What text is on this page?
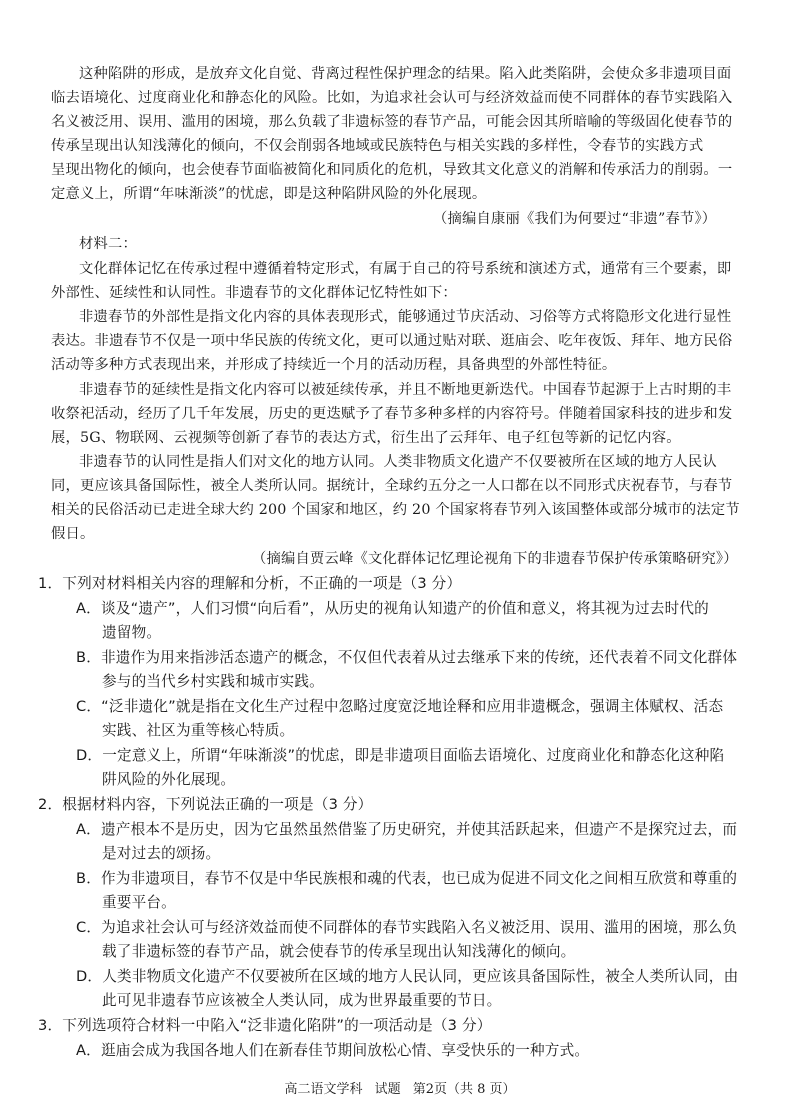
这种陷阱的形成，是放弃文化自觉、背离过程性保护理念的结果。陷入此类陷阱，会使众多非遗项目面
临去语境化、过度商业化和静态化的风险。比如，为追求社会认可与经济效益而使不同群体的春节实践陷入
名义被泛用、误用、滥用的困境，那么负载了非遗标签的春节产品，可能会因其所暗喻的等级固化使春节的
传承呈现出认知浅薄化的倾向，不仅会削弱各地域或民族特色与相关实践的多样性，令春节的实践方式
呈现出物化的倾向，也会使春节面临被简化和同质化的危机，导致其文化意义的消解和传承活力的削弱。一
定意义上，所谓“年味渐淡”的忧虑，即是这种陷阱风险的外化展现。
（摘编自康丽《我们为何要过“非遗”春节》）
材料二：
文化群体记忆在传承过程中遵循着特定形式，有属于自己的符号系统和演述方式，通常有三个要素，即
外部性、延续性和认同性。非遗春节的文化群体记忆特性如下：
非遗春节的外部性是指文化内容的具体表现形式，能够通过节庆活动、习俗等方式将隐形文化进行显性
表达。非遗春节不仅是一项中华民族的传统文化，更可以通过贴对联、逛庙会、吃年夜饭、拜年、地方民俗
活动等多种方式表现出来，并形成了持续近一个月的活动历程，具备典型的外部性特征。
非遗春节的延续性是指文化内容可以被延续传承，并且不断地更新迭代。中国春节起源于上古时期的丰
收祭祀活动，经历了几千年发展，历史的更迭赋予了春节多种多样的内容符号。伴随着国家科技的进步和发
展，5G、物联网、云视频等创新了春节的表达方式，衍生出了云拜年、电子红包等新的记忆内容。
非遗春节的认同性是指人们对文化的地方认同。人类非物质文化遗产不仅要被所在区域的地方人民认
同，更应该具备国际性，被全人类所认同。据统计，全球约五分之一人口都在以不同形式庆祝春节，与春节
相关的民俗活动已走进全球大约 200 个国家和地区，约 20 个国家将春节列入该国整体或部分城市的法定节
假日。
（摘编自贾云峰《文化群体记忆理论视角下的非遗春节保护传承策略研究》）
1．下列对材料相关内容的理解和分析，不正确的一项是（3 分）
A．谈及“遗产”，人们习惯“向后看”，从历史的视角认知遗产的价值和意义，将其视为过去时代的
遗留物。
B．非遗作为用来指涉活态遗产的概念，不仅但代表着从过去继承下来的传统，还代表着不同文化群体
参与的当代乡村实践和城市实践。
C．“泛非遗化”就是指在文化生产过程中忽略过度宽泛地诠释和应用非遗概念，强调主体赋权、活态
实践、社区为重等核心特质。
D．一定意义上，所谓“年味渐淡”的忧虑，即是非遗项目面临去语境化、过度商业化和静态化这种陷
阱风险的外化展现。
2．根据材料内容，下列说法正确的一项是（3 分）
A．遗产根本不是历史，因为它虽然虽然借鉴了历史研究，并使其活跃起来，但遗产不是探究过去，而
是对过去的颂扬。
B．作为非遗项目，春节不仅是中华民族根和魂的代表，也已成为促进不同文化之间相互欣赏和尊重的
重要平台。
C．为追求社会认可与经济效益而使不同群体的春节实践陷入名义被泛用、误用、滥用的困境，那么负
载了非遗标签的春节产品，就会使春节的传承呈现出认知浅薄化的倾向。
D．人类非物质文化遗产不仅要被所在区域的地方人民认同，更应该具备国际性，被全人类所认同，由
此可见非遗春节应该被全人类认同，成为世界最重要的节日。
3．下列选项符合材料一中陷入“泛非遗化陷阱”的一项活动是（3 分）
A．逛庙会成为我国各地人们在新春佳节期间放松心情、享受快乐的一种方式。
高二语文学科 试题 第2页（共 8 页）
